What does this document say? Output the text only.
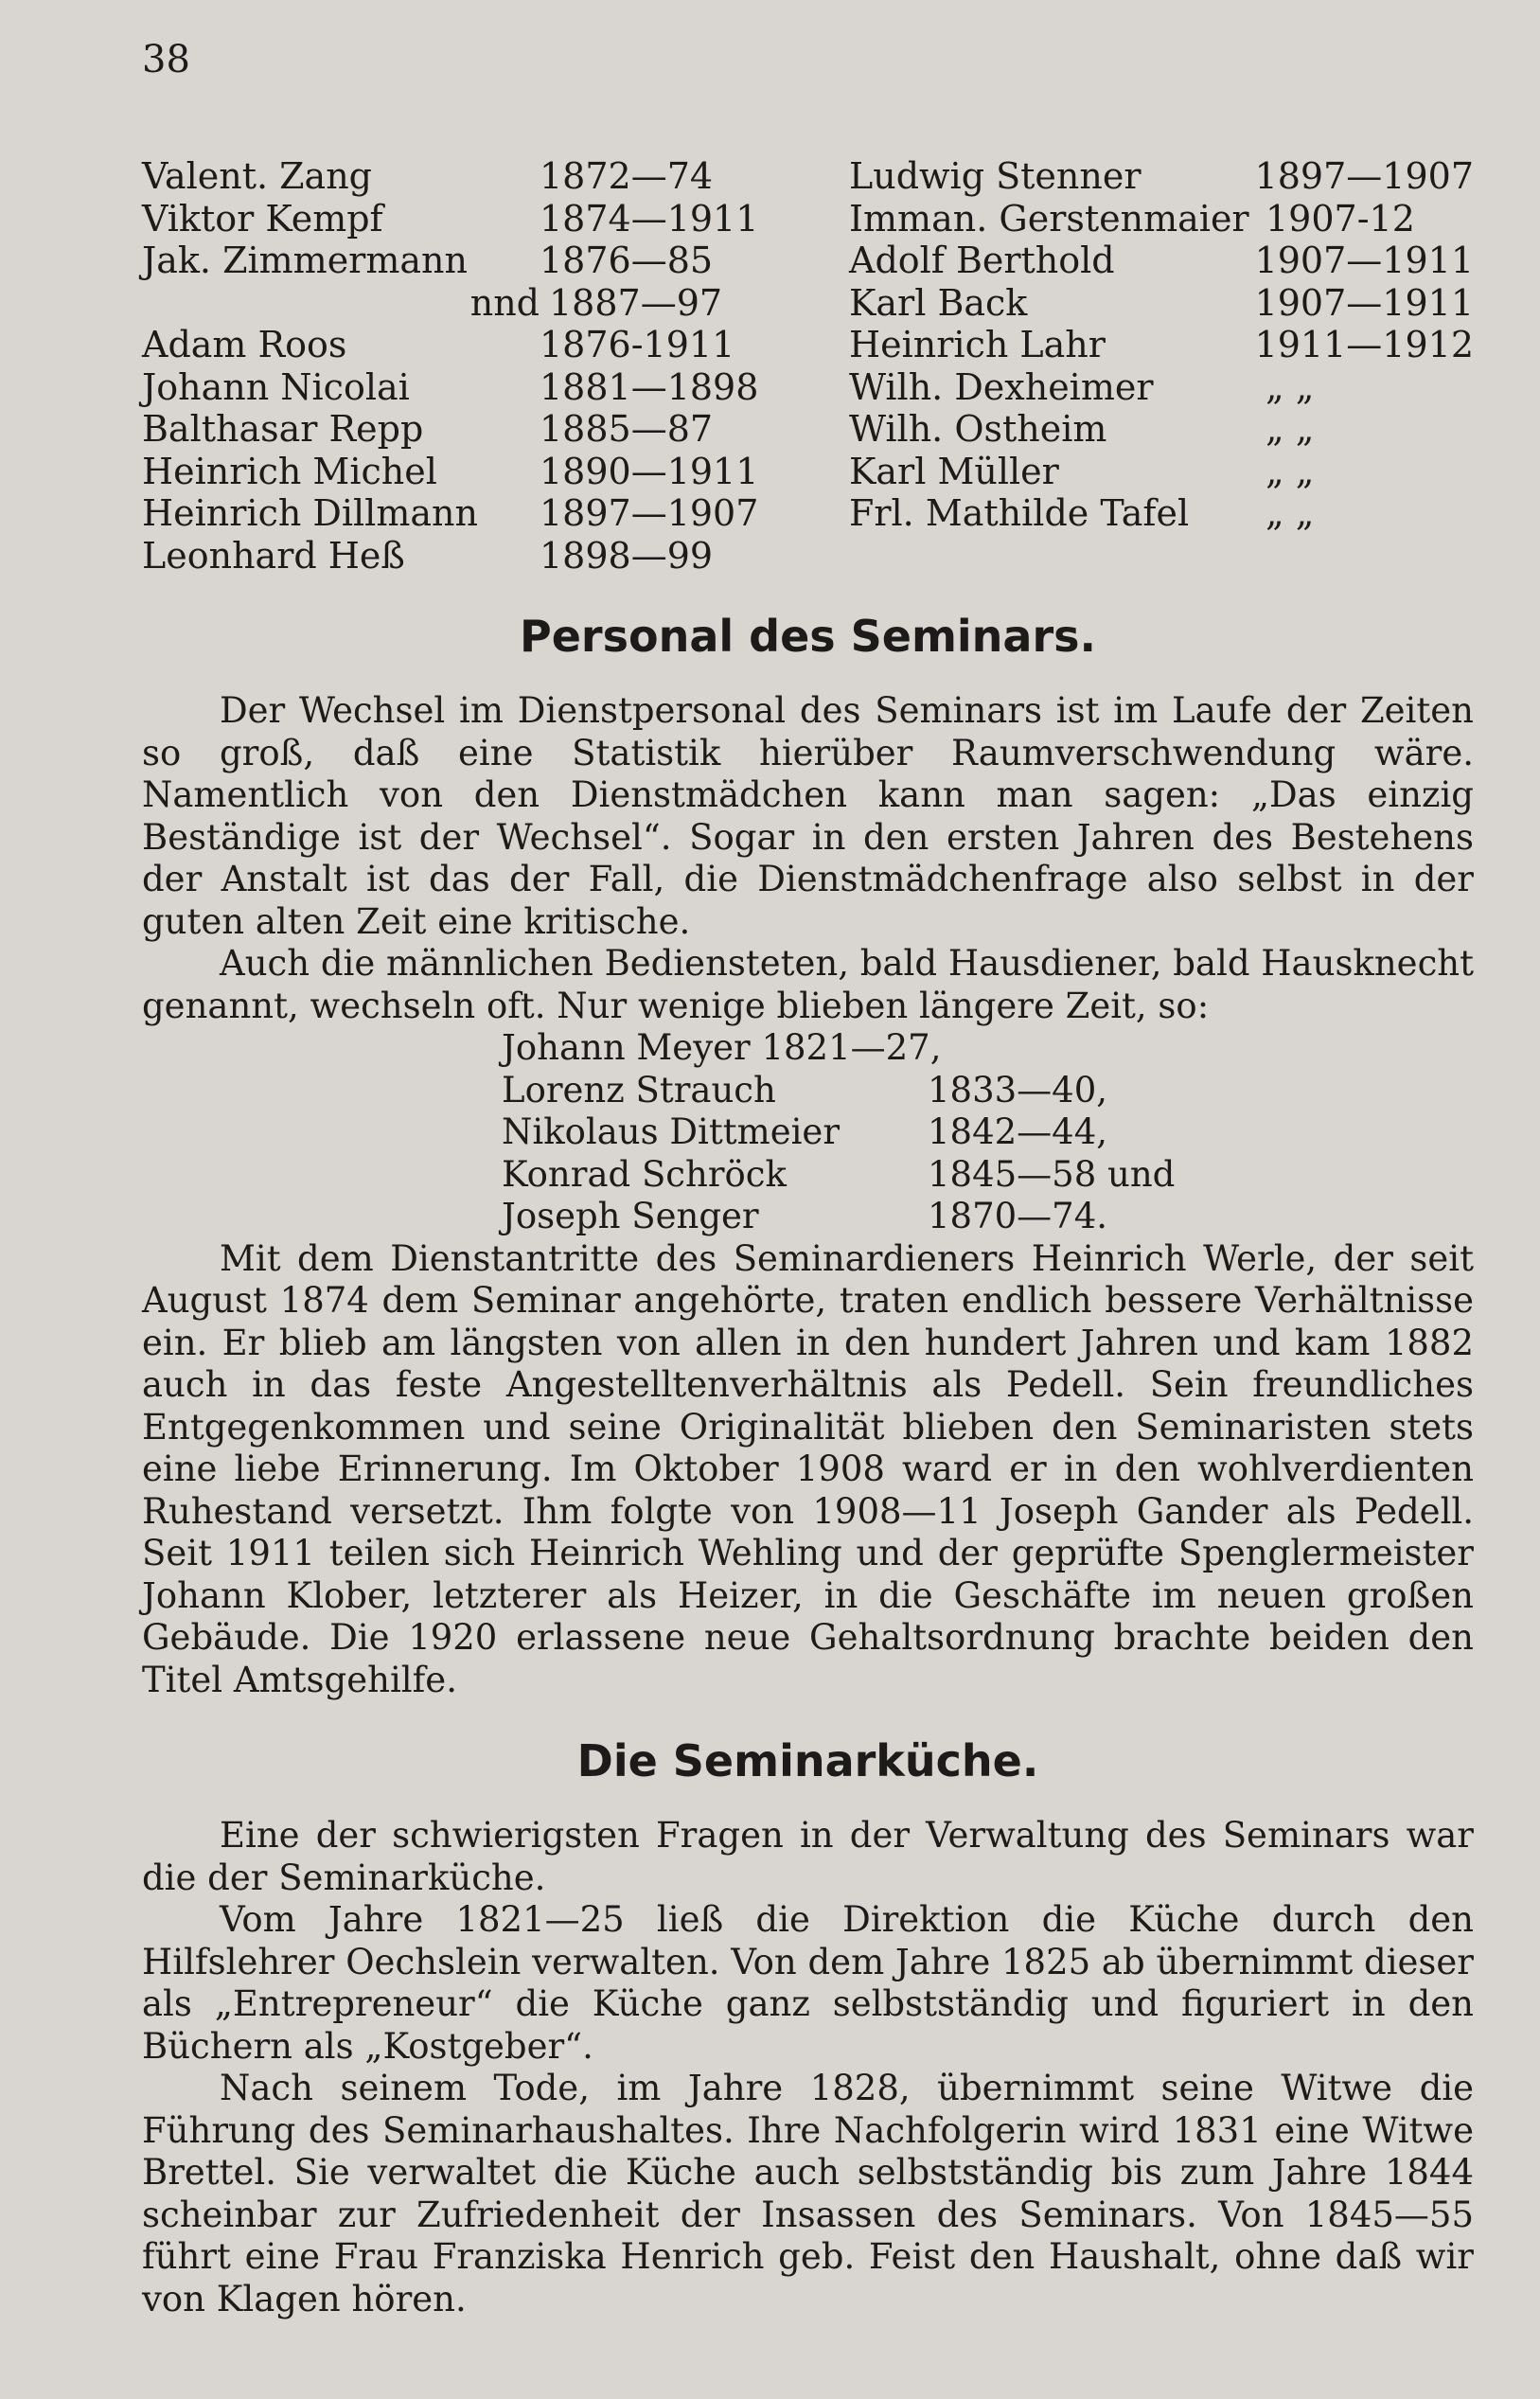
38
Valent. Zang	1872—74
Viktor Kempf	1874—1911
Jak. Zimmermann	1876—85
nnd 1887—97
Adam Roos	1876-1911
Johann Nicolai	1881—1898
Balthasar Repp	1885—87
Heinrich Michel	1890—1911
Heinrich Dillmann	1897—1907
Leonhard Heß	1898—99
Ludwig Stenner	1897—1907
Imman. Gerstenmaier 1907-12
Adolf Berthold	1907—1911
Karl Back	1907—1911
Heinrich Lahr	1911—1912
Wilh. Dexheimer	„ „
Wilh. Ostheim	„ „
Karl Müller	„ „
Frl. Mathilde Tafel	„ „
Personal des Seminars.

Der Wechsel im Dienstpersonal des Seminars ist im Laufe der Zeiten so groß, daß eine Statistik hierüber Raumverschwendung wäre. Namentlich von den Dienstmädchen kann man sagen: „Das einzig Beständige ist der Wechsel“. Sogar in den ersten Jahren des Bestehens der Anstalt ist das der Fall, die Dienstmädchenfrage also selbst in der guten alten Zeit eine kritische.

Auch die männlichen Bediensteten, bald Hausdiener, bald Hausknecht genannt, wechseln oft. Nur wenige blieben längere Zeit, so:

Johann Meyer 1821—27,
Lorenz Strauch	1833—40,
Nikolaus Dittmeier	1842—44,
Konrad Schröck	1845—58 und
Joseph Senger	1870—74.

Mit dem Dienstantritte des Seminardieners Heinrich Werle, der seit August 1874 dem Seminar angehörte, traten endlich bessere Verhältnisse ein. Er blieb am längsten von allen in den hundert Jahren und kam 1882 auch in das feste Angestelltenverhältnis als Pedell. Sein freundliches Entgegenkommen und seine Originalität blieben den Seminaristen stets eine liebe Erinnerung. Im Oktober 1908 ward er in den wohlverdienten Ruhestand versetzt. Ihm folgte von 1908—11 Joseph Gander als Pedell. Seit 1911 teilen sich Heinrich Wehling und der geprüfte Spenglermeister Johann Klober, letzterer als Heizer, in die Geschäfte im neuen großen Gebäude. Die 1920 erlassene neue Gehaltsordnung brachte beiden den Titel Amtsgehilfe.

Die Seminarküche.

Eine der schwierigsten Fragen in der Verwaltung des Seminars war die der Seminarküche.

Vom Jahre 1821—25 ließ die Direktion die Küche durch den Hilfslehrer Oechslein verwalten. Von dem Jahre 1825 ab übernimmt dieser als „Entrepreneur“ die Küche ganz selbstständig und figuriert in den Büchern als „Kostgeber“.

Nach seinem Tode, im Jahre 1828, übernimmt seine Witwe die Führung des Seminarhaushaltes. Ihre Nachfolgerin wird 1831 eine Witwe Brettel. Sie verwaltet die Küche auch selbstständig bis zum Jahre 1844 scheinbar zur Zufriedenheit der Insassen des Seminars. Von 1845—55 führt eine Frau Franziska Henrich geb. Feist den Haushalt, ohne daß wir von Klagen hören.
